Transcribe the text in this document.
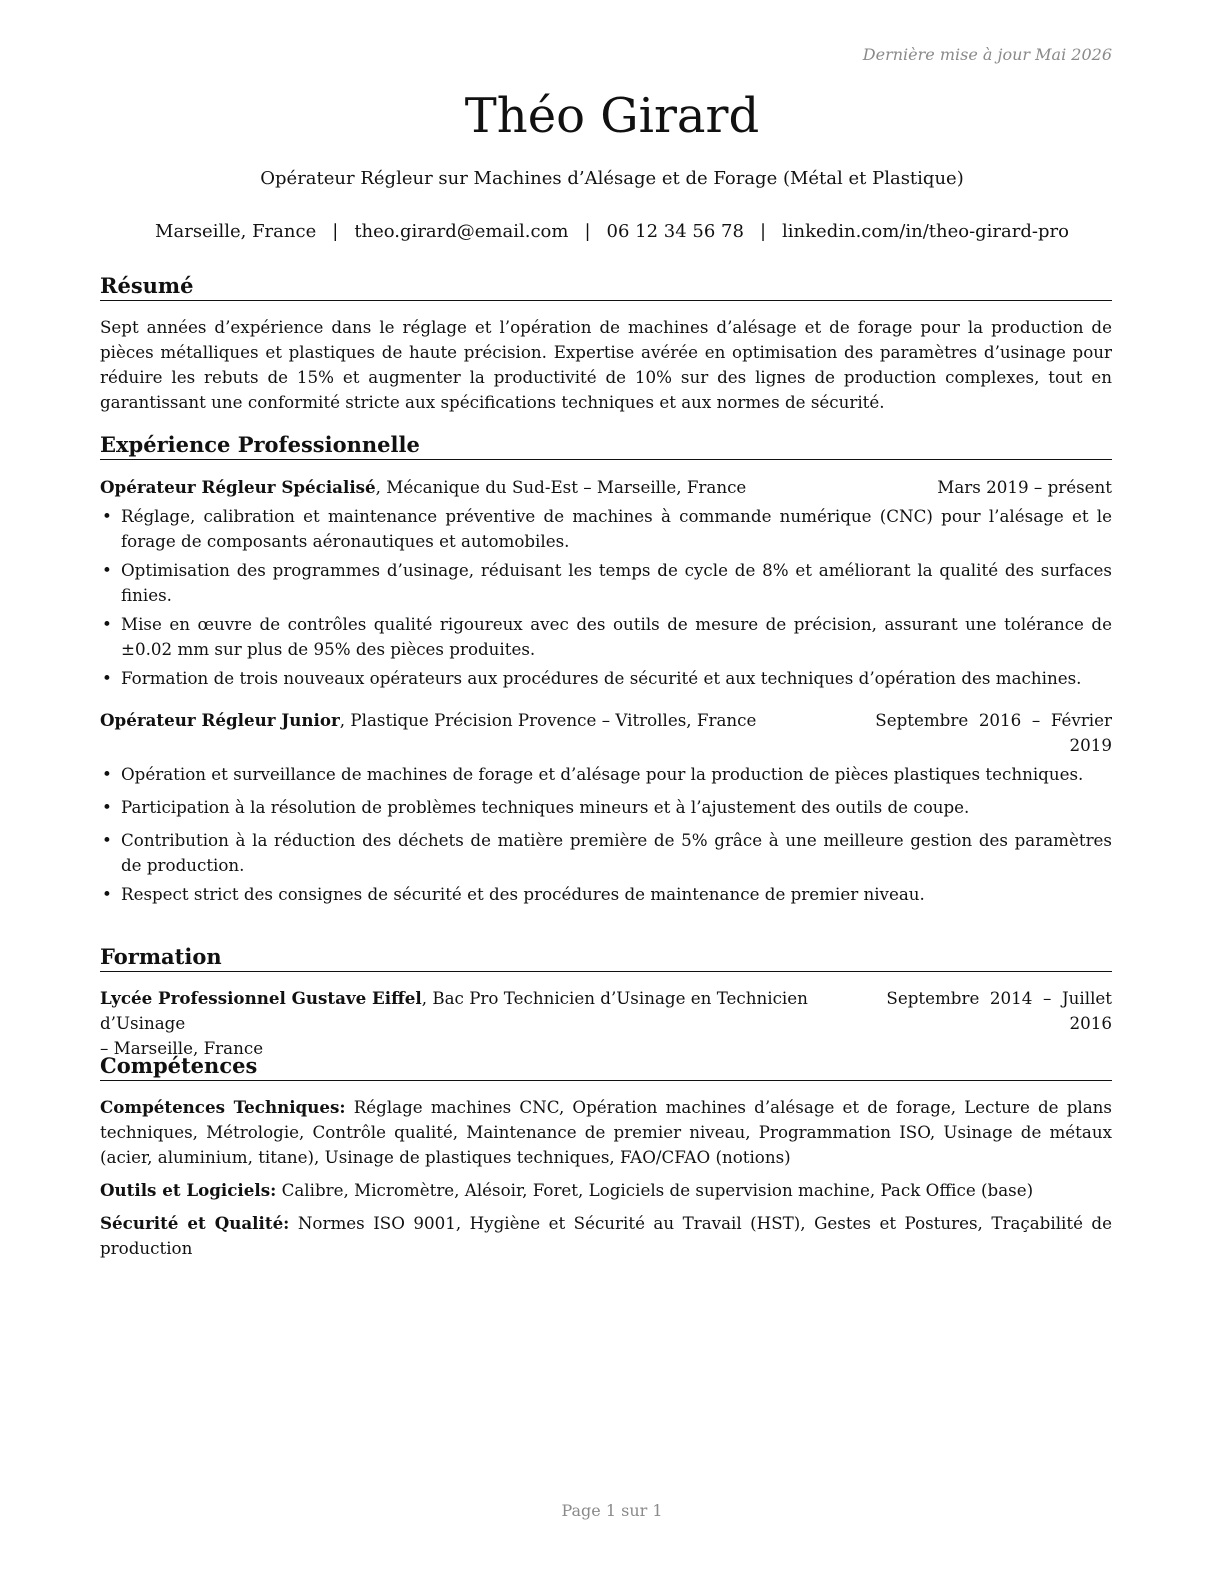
Dernière mise à jour Mai 2026
Théo Girard
Opérateur Régleur sur Machines d’Alésage et de Forage (Métal et Plastique)
Marseille, France | theo.girard@email.com | 06 12 34 56 78 | linkedin.com/in/theo-girard-pro
Résumé
Sept années d’expérience dans le réglage et l’opération de machines d’alésage et de forage pour la production de pièces métalliques et plastiques de haute précision. Expertise avérée en optimisation des paramètres d’usinage pour réduire les rebuts de 15% et augmenter la productivité de 10% sur des lignes de production complexes, tout en garantissant une conformité stricte aux spécifications techniques et aux normes de sécurité.
Expérience Professionnelle
Opérateur Régleur Spécialisé, Mécanique du Sud-Est – Marseille, France	Mars 2019 – présent
• Réglage, calibration et maintenance préventive de machines à commande numérique (CNC) pour l’alésage et le forage de composants aéronautiques et automobiles.
• Optimisation des programmes d’usinage, réduisant les temps de cycle de 8% et améliorant la qualité des surfaces finies.
• Mise en œuvre de contrôles qualité rigoureux avec des outils de mesure de précision, assurant une tolérance de ±0.02 mm sur plus de 95% des pièces produites.
• Formation de trois nouveaux opérateurs aux procédures de sécurité et aux techniques d’opération des machines.
Opérateur Régleur Junior, Plastique Précision Provence – Vitrolles, France	Septembre  2016  –  Février
2019
• Opération et surveillance de machines de forage et d’alésage pour la production de pièces plastiques techniques.
• Participation à la résolution de problèmes techniques mineurs et à l’ajustement des outils de coupe.
• Contribution à la réduction des déchets de matière première de 5% grâce à une meilleure gestion des paramètres de production.
• Respect strict des consignes de sécurité et des procédures de maintenance de premier niveau.
Formation
Lycée Professionnel Gustave Eiffel, Bac Pro Technicien d’Usinage en Technicien d’Usinage
– Marseille, France
Septembre  2014  –  Juillet
2016
Compétences
Compétences Techniques: Réglage machines CNC, Opération machines d’alésage et de forage, Lecture de plans techniques, Métrologie, Contrôle qualité, Maintenance de premier niveau, Programmation ISO, Usinage de métaux (acier, aluminium, titane), Usinage de plastiques techniques, FAO/CFAO (notions)
Outils et Logiciels: Calibre, Micromètre, Alésoir, Foret, Logiciels de supervision machine, Pack Office (base)
Sécurité et Qualité: Normes ISO 9001, Hygiène et Sécurité au Travail (HST), Gestes et Postures, Traçabilité de production
Page 1 sur 1
